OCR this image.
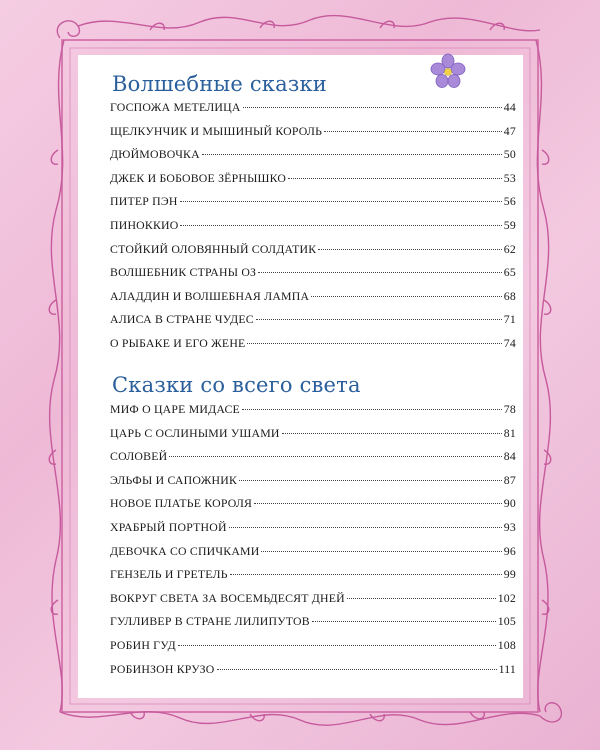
Волшебные сказки
ГОСПОЖА МЕТЕЛИЦА	44
ЩЕЛКУНЧИК И МЫШИНЫЙ КОРОЛЬ	47
ДЮЙМОВОЧКА	50
ДЖЕК И БОБОВОЕ ЗЁРНЫШКО	53
ПИТЕР ПЭН	56
ПИНОККИО	59
СТОЙКИЙ ОЛОВЯННЫЙ СОЛДАТИК	62
ВОЛШЕБНИК СТРАНЫ ОЗ	65
АЛАДДИН И ВОЛШЕБНАЯ ЛАМПА	68
АЛИСА В СТРАНЕ ЧУДЕС	71
О РЫБАКЕ И ЕГО ЖЕНЕ	74
Сказки со всего света
МИФ О ЦАРЕ МИДАСЕ	78
ЦАРЬ С ОСЛИНЫМИ УШАМИ	81
СОЛОВЕЙ	84
ЭЛЬФЫ И САПОЖНИК	87
НОВОЕ ПЛАТЬЕ КОРОЛЯ	90
ХРАБРЫЙ ПОРТНОЙ	93
ДЕВОЧКА СО СПИЧКАМИ	96
ГЕНЗЕЛЬ И ГРЕТЕЛЬ	99
ВОКРУГ СВЕТА ЗА ВОСЕМЬДЕСЯТ ДНЕЙ	102
ГУЛЛИВЕР В СТРАНЕ ЛИЛИПУТОВ	105
РОБИН ГУД	108
РОБИНЗОН КРУЗО	111
